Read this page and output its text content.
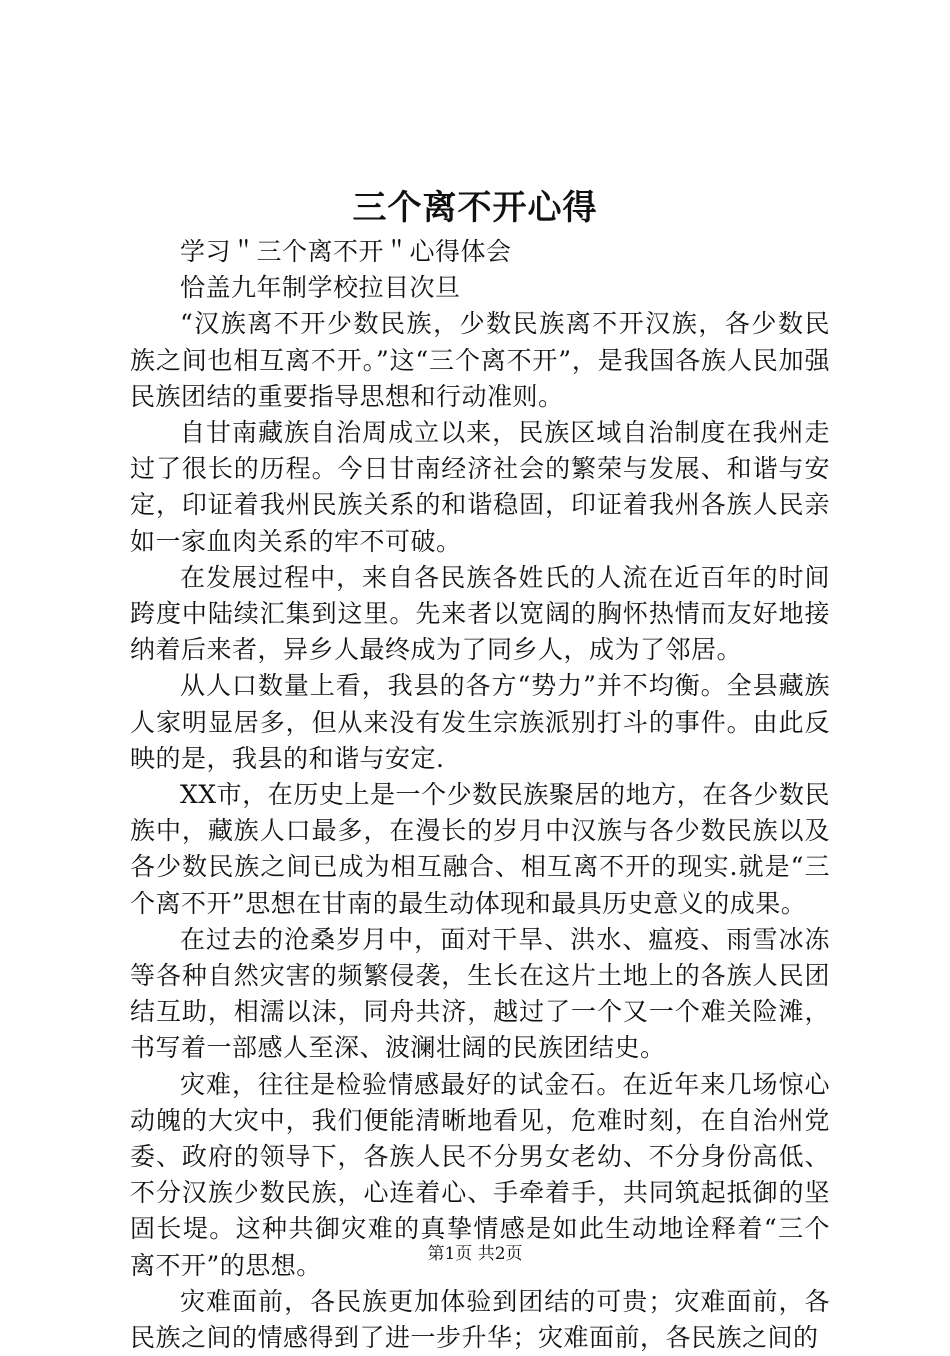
三个离不开心得

学习＂三个离不开＂心得体会

恰盖九年制学校拉目次旦

“汉族离不开少数民族，少数民族离不开汉族，各少数民族之间也相互离不开。”这“三个离不开”，是我国各族人民加强民族团结的重要指导思想和行动准则。

自甘南藏族自治周成立以来，民族区域自治制度在我州走过了很长的历程。今日甘南经济社会的繁荣与发展、和谐与安定，印证着我州民族关系的和谐稳固，印证着我州各族人民亲如一家血肉关系的牢不可破。

在发展过程中，来自各民族各姓氏的人流在近百年的时间跨度中陆续汇集到这里。先来者以宽阔的胸怀热情而友好地接纳着后来者，异乡人最终成为了同乡人，成为了邻居。

从人口数量上看，我县的各方“势力”并不均衡。全县藏族人家明显居多，但从来没有发生宗族派别打斗的事件。由此反映的是，我县的和谐与安定.

XX市，在历史上是一个少数民族聚居的地方，在各少数民族中，藏族人口最多，在漫长的岁月中汉族与各少数民族以及各少数民族之间已成为相互融合、相互离不开的现实.就是“三个离不开”思想在甘南的最生动体现和最具历史意义的成果。

在过去的沧桑岁月中，面对干旱、洪水、瘟疫、雨雪冰冻等各种自然灾害的频繁侵袭，生长在这片土地上的各族人民团结互助，相濡以沫，同舟共济，越过了一个又一个难关险滩，书写着一部感人至深、波澜壮阔的民族团结史。

灾难，往往是检验情感最好的试金石。在近年来几场惊心动魄的大灾中，我们便能清晰地看见，危难时刻，在自治州党委、政府的领导下，各族人民不分男女老幼、不分身份高低、不分汉族少数民族，心连着心、手牵着手，共同筑起抵御的坚固长堤。这种共御灾难的真挚情感是如此生动地诠释着“三个离不开”的思想。

灾难面前，各民族更加体验到团结的可贵；灾难面前，各民族之间的情感得到了进一步升华；灾难面前，各民族之间的

第1页 共2页
